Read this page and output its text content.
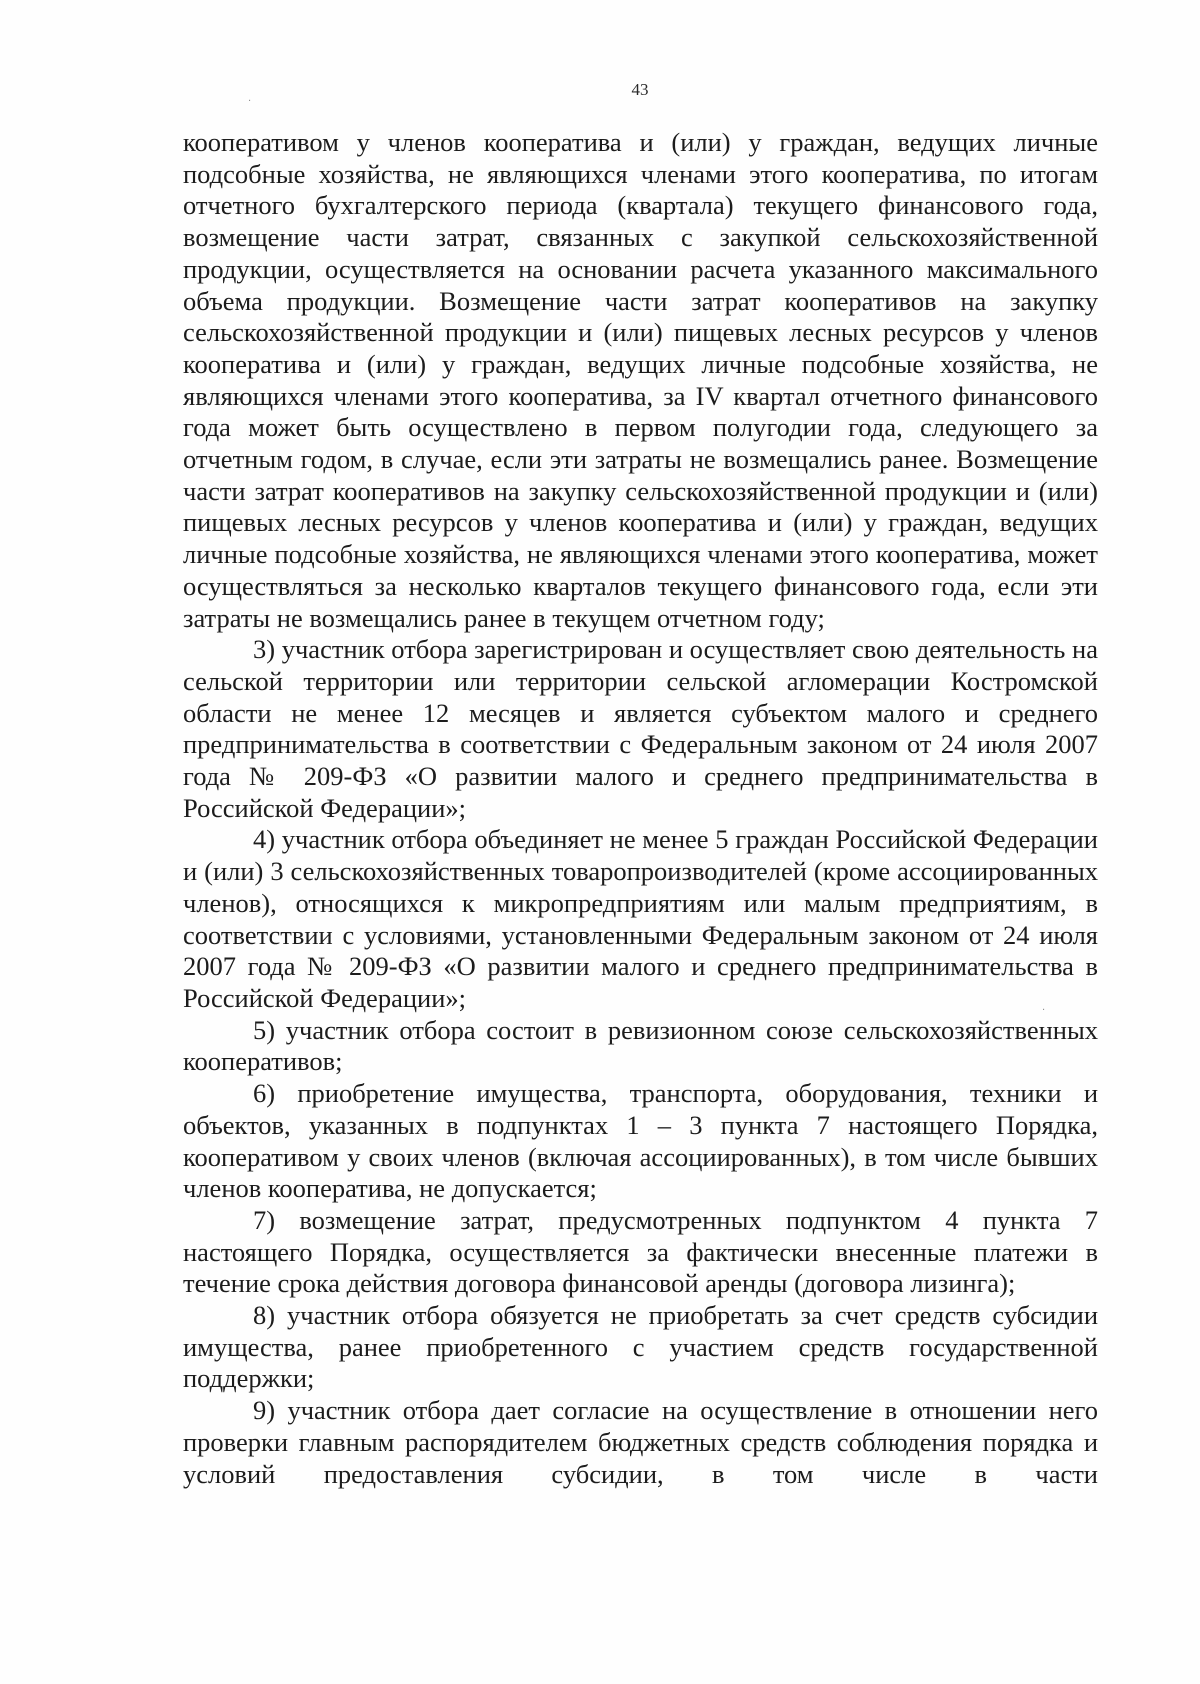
43

кооперативом у членов кооператива и (или) у граждан, ведущих личные подсобные хозяйства, не являющихся членами этого кооператива, по итогам отчетного бухгалтерского периода (квартала) текущего финансового года, возмещение части затрат, связанных с закупкой сельскохозяйственной продукции, осуществляется на основании расчета указанного максимального объема продукции. Возмещение части затрат кооперативов на закупку сельскохозяйственной продукции и (или) пищевых лесных ресурсов у членов кооператива и (или) у граждан, ведущих личные подсобные хозяйства, не являющихся членами этого кооператива, за IV квартал отчетного финансового года может быть осуществлено в первом полугодии года, следующего за отчетным годом, в случае, если эти затраты не возмещались ранее. Возмещение части затрат кооперативов на закупку сельскохозяйственной продукции и (или) пищевых лесных ресурсов у членов кооператива и (или) у граждан, ведущих личные подсобные хозяйства, не являющихся членами этого кооператива, может осуществляться за несколько кварталов текущего финансового года, если эти затраты не возмещались ранее в текущем отчетном году;

3) участник отбора зарегистрирован и осуществляет свою деятельность на сельской территории или территории сельской агломерации Костромской области не менее 12 месяцев и является субъектом малого и среднего предпринимательства в соответствии с Федеральным законом от 24 июля 2007 года № 209-ФЗ «О развитии малого и среднего предпринимательства в Российской Федерации»;

4) участник отбора объединяет не менее 5 граждан Российской Федерации и (или) 3 сельскохозяйственных товаропроизводителей (кроме ассоциированных членов), относящихся к микропредприятиям или малым предприятиям, в соответствии с условиями, установленными Федеральным законом от 24 июля 2007 года № 209-ФЗ «О развитии малого и среднего предпринимательства в Российской Федерации»;

5) участник отбора состоит в ревизионном союзе сельскохозяйственных кооперативов;

6) приобретение имущества, транспорта, оборудования, техники и объектов, указанных в подпунктах 1 – 3 пункта 7 настоящего Порядка, кооперативом у своих членов (включая ассоциированных), в том числе бывших членов кооператива, не допускается;

7) возмещение затрат, предусмотренных подпунктом 4 пункта 7 настоящего Порядка, осуществляется за фактически внесенные платежи в течение срока действия договора финансовой аренды (договора лизинга);

8) участник отбора обязуется не приобретать за счет средств субсидии имущества, ранее приобретенного с участием средств государственной поддержки;

9) участник отбора дает согласие на осуществление в отношении него проверки главным распорядителем бюджетных средств соблюдения порядка и условий предоставления субсидии, в том числе в части

·
·
